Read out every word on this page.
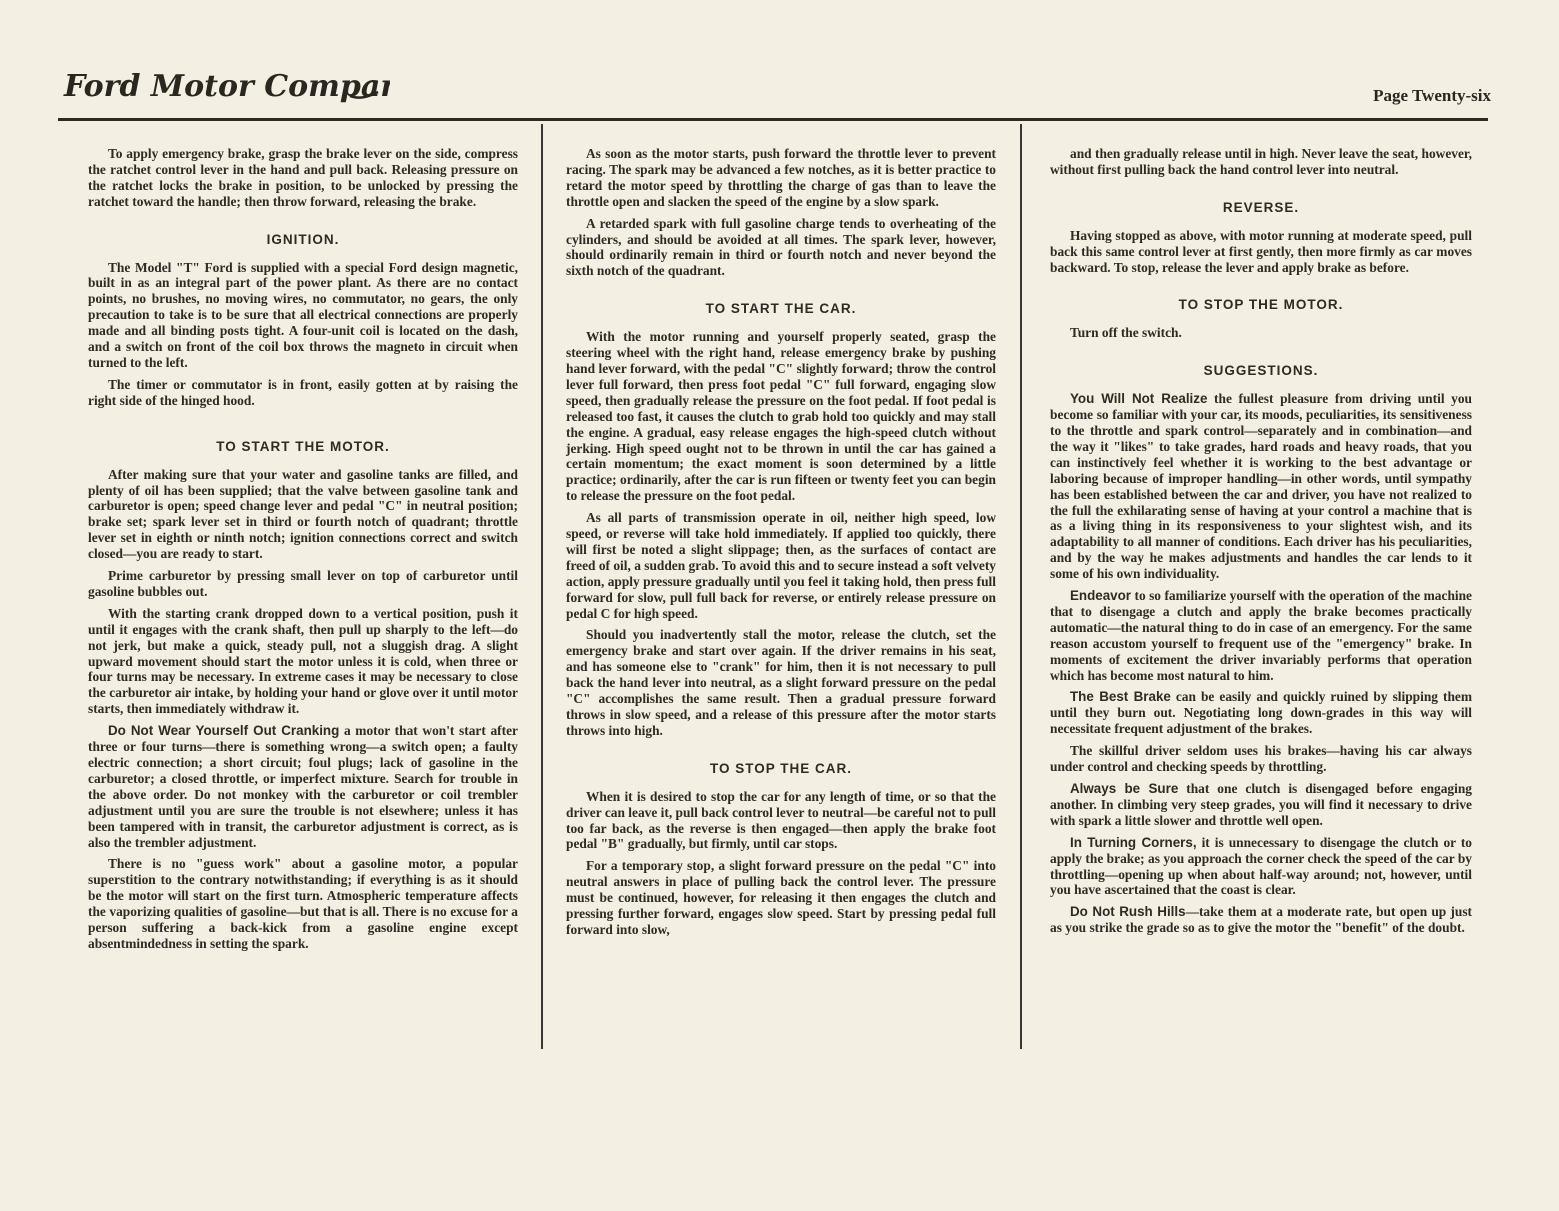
Ford Motor Company	Page Twenty-six

To apply emergency brake, grasp the brake lever on the side, compress the ratchet control lever in the hand and pull back. Releasing pressure on the ratchet locks the brake in position, to be unlocked by pressing the ratchet toward the handle; then throw forward, releasing the brake.

IGNITION.

The Model "T" Ford is supplied with a special Ford design magnetic, built in as an integral part of the power plant. As there are no contact points, no brushes, no moving wires, no commutator, no gears, the only precaution to take is to be sure that all electrical connections are properly made and all binding posts tight. A four-unit coil is located on the dash, and a switch on front of the coil box throws the magneto in circuit when turned to the left.

The timer or commutator is in front, easily gotten at by raising the right side of the hinged hood.

TO START THE MOTOR.

After making sure that your water and gasoline tanks are filled, and plenty of oil has been supplied; that the valve between gasoline tank and carburetor is open; speed change lever and pedal "C" in neutral position; brake set; spark lever set in third or fourth notch of quadrant; throttle lever set in eighth or ninth notch; ignition connections correct and switch closed—you are ready to start.

Prime carburetor by pressing small lever on top of carburetor until gasoline bubbles out.

With the starting crank dropped down to a vertical position, push it until it engages with the crank shaft, then pull up sharply to the left—do not jerk, but make a quick, steady pull, not a sluggish drag. A slight upward movement should start the motor unless it is cold, when three or four turns may be necessary. In extreme cases it may be necessary to close the carburetor air intake, by holding your hand or glove over it until motor starts, then immediately withdraw it.

Do Not Wear Yourself Out Cranking a motor that won't start after three or four turns—there is something wrong—a switch open; a faulty electric connection; a short circuit; foul plugs; lack of gasoline in the carburetor; a closed throttle, or imperfect mixture. Search for trouble in the above order. Do not monkey with the carburetor or coil trembler adjustment until you are sure the trouble is not elsewhere; unless it has been tampered with in transit, the carburetor adjustment is correct, as is also the trembler adjustment.

There is no "guess work" about a gasoline motor, a popular superstition to the contrary notwithstanding; if everything is as it should be the motor will start on the first turn. Atmospheric temperature affects the vaporizing qualities of gasoline—but that is all. There is no excuse for a person suffering a back-kick from a gasoline engine except absentmindedness in setting the spark.

As soon as the motor starts, push forward the throttle lever to prevent racing. The spark may be advanced a few notches, as it is better practice to retard the motor speed by throttling the charge of gas than to leave the throttle open and slacken the speed of the engine by a slow spark.

A retarded spark with full gasoline charge tends to overheating of the cylinders, and should be avoided at all times. The spark lever, however, should ordinarily remain in third or fourth notch and never beyond the sixth notch of the quadrant.

TO START THE CAR.

With the motor running and yourself properly seated, grasp the steering wheel with the right hand, release emergency brake by pushing hand lever forward, with the pedal "C" slightly forward; throw the control lever full forward, then press foot pedal "C" full forward, engaging slow speed, then gradually release the pressure on the foot pedal. If foot pedal is released too fast, it causes the clutch to grab hold too quickly and may stall the engine. A gradual, easy release engages the high-speed clutch without jerking. High speed ought not to be thrown in until the car has gained a certain momentum; the exact moment is soon determined by a little practice; ordinarily, after the car is run fifteen or twenty feet you can begin to release the pressure on the foot pedal.

As all parts of transmission operate in oil, neither high speed, low speed, or reverse will take hold immediately. If applied too quickly, there will first be noted a slight slippage; then, as the surfaces of contact are freed of oil, a sudden grab. To avoid this and to secure instead a soft velvety action, apply pressure gradually until you feel it taking hold, then press full forward for slow, pull full back for reverse, or entirely release pressure on pedal C for high speed.

Should you inadvertently stall the motor, release the clutch, set the emergency brake and start over again. If the driver remains in his seat, and has someone else to "crank" for him, then it is not necessary to pull back the hand lever into neutral, as a slight forward pressure on the pedal "C" accomplishes the same result. Then a gradual pressure forward throws in slow speed, and a release of this pressure after the motor starts throws into high.

TO STOP THE CAR.

When it is desired to stop the car for any length of time, or so that the driver can leave it, pull back control lever to neutral—be careful not to pull too far back, as the reverse is then engaged—then apply the brake foot pedal "B" gradually, but firmly, until car stops.

For a temporary stop, a slight forward pressure on the pedal "C" into neutral answers in place of pulling back the control lever. The pressure must be continued, however, for releasing it then engages the clutch and pressing further forward, engages slow speed. Start by pressing pedal full forward into slow,

and then gradually release until in high. Never leave the seat, however, without first pulling back the hand control lever into neutral.

REVERSE.

Having stopped as above, with motor running at moderate speed, pull back this same control lever at first gently, then more firmly as car moves backward. To stop, release the lever and apply brake as before.

TO STOP THE MOTOR.

Turn off the switch.

SUGGESTIONS.

You Will Not Realize the fullest pleasure from driving until you become so familiar with your car, its moods, peculiarities, its sensitiveness to the throttle and spark control—separately and in combination—and the way it "likes" to take grades, hard roads and heavy roads, that you can instinctively feel whether it is working to the best advantage or laboring because of improper handling—in other words, until sympathy has been established between the car and driver, you have not realized to the full the exhilarating sense of having at your control a machine that is as a living thing in its responsiveness to your slightest wish, and its adaptability to all manner of conditions. Each driver has his peculiarities, and by the way he makes adjustments and handles the car lends to it some of his own individuality.

Endeavor to so familiarize yourself with the operation of the machine that to disengage a clutch and apply the brake becomes practically automatic—the natural thing to do in case of an emergency. For the same reason accustom yourself to frequent use of the "emergency" brake. In moments of excitement the driver invariably performs that operation which has become most natural to him.

The Best Brake can be easily and quickly ruined by slipping them until they burn out. Negotiating long down-grades in this way will necessitate frequent adjustment of the brakes.

The skillful driver seldom uses his brakes—having his car always under control and checking speeds by throttling.

Always be Sure that one clutch is disengaged before engaging another. In climbing very steep grades, you will find it necessary to drive with spark a little slower and throttle well open.

In Turning Corners, it is unnecessary to disengage the clutch or to apply the brake; as you approach the corner check the speed of the car by throttling—opening up when about half-way around; not, however, until you have ascertained that the coast is clear.

Do Not Rush Hills—take them at a moderate rate, but open up just as you strike the grade so as to give the motor the "benefit" of the doubt.
